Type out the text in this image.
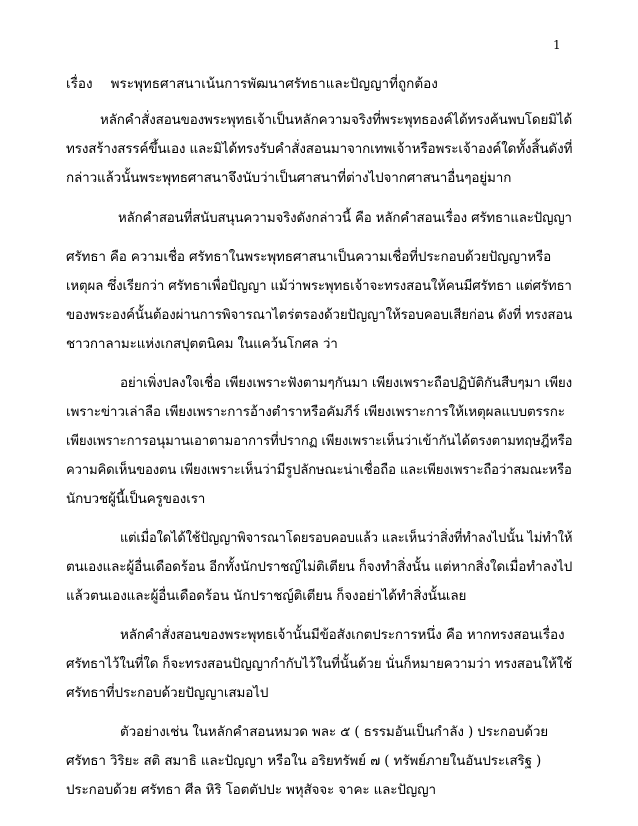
1
เรื่อง พระพุทธศาสนาเน้นการพัฒนาศรัทธาและปัญญาที่ถูกต้อง
หลักคำสั่งสอนของพระพุทธเจ้าเป็นหลักความจริงที่พระพุทธองค์ได้ทรงค้นพบโดยมิได้
ทรงสร้างสรรค์ขึ้นเอง และมิได้ทรงรับคำสั่งสอนมาจากเทพเจ้าหรือพระเจ้าองค์ใดทั้งสิ้นดังที่
กล่าวแล้วนั้นพระพุทธศาสนาจึงนับว่าเป็นศาสนาที่ต่างไปจากศาสนาอื่นๆอยู่มาก
หลักคำสอนที่สนับสนุนความจริงดังกล่าวนี้ คือ หลักคำสอนเรื่อง ศรัทธาและปัญญา
ศรัทธา คือ ความเชื่อ ศรัทธาในพระพุทธศาสนาเป็นความเชื่อที่ประกอบด้วยปัญญาหรือ
เหตุผล ซึ่งเรียกว่า ศรัทธาเพื่อปัญญา แม้ว่าพระพุทธเจ้าจะทรงสอนให้คนมีศรัทธา แต่ศรัทธา
ของพระองค์นั้นต้องผ่านการพิจารณาไตร่ตรองด้วยปัญญาให้รอบคอบเสียก่อน ดังที่ ทรงสอน
ชาวกาลามะแห่งเกสปุตตนิคม ในแคว้นโกศล ว่า
อย่าเพิ่งปลงใจเชื่อ เพียงเพราะฟังตามๆกันมา เพียงเพราะถือปฏิบัติกันสืบๆมา เพียง
เพราะข่าวเล่าลือ เพียงเพราะการอ้างตำราหรือคัมภีร์ เพียงเพราะการให้เหตุผลแบบตรรกะ
เพียงเพราะการอนุมานเอาตามอาการที่ปรากฏ เพียงเพราะเห็นว่าเข้ากันได้ตรงตามทฤษฎีหรือ
ความคิดเห็นของตน เพียงเพราะเห็นว่ามีรูปลักษณะน่าเชื่อถือ และเพียงเพราะถือว่าสมณะหรือ
นักบวชผู้นี้เป็นครูของเรา
แต่เมื่อใดได้ใช้ปัญญาพิจารณาโดยรอบคอบแล้ว และเห็นว่าสิ่งที่ทำลงไปนั้น ไม่ทำให้
ตนเองและผู้อื่นเดือดร้อน อีกทั้งนักปราชญ์ไม่ติเตียน ก็จงทำสิ่งนั้น แต่หากสิ่งใดเมื่อทำลงไป
แล้วตนเองและผู้อื่นเดือดร้อน นักปราชญ์ติเตียน ก็จงอย่าได้ทำสิ่งนั้นเลย
หลักคำสั่งสอนของพระพุทธเจ้านั้นมีข้อสังเกตประการหนึ่ง คือ หากทรงสอนเรื่อง
ศรัทธาไว้ในที่ใด ก็จะทรงสอนปัญญากำกับไว้ในที่นั้นด้วย นั่นก็หมายความว่า ทรงสอนให้ใช้
ศรัทธาที่ประกอบด้วยปัญญาเสมอไป
ตัวอย่างเช่น ในหลักคำสอนหมวด พละ ๕ ( ธรรมอันเป็นกำลัง ) ประกอบด้วย
ศรัทธา วิริยะ สติ สมาธิ และปัญญา หรือใน อริยทรัพย์ ๗ ( ทรัพย์ภายในอันประเสริฐ )
ประกอบด้วย ศรัทธา ศีล หิริ โอตตัปปะ พหุสัจจะ จาคะ และปัญญา
